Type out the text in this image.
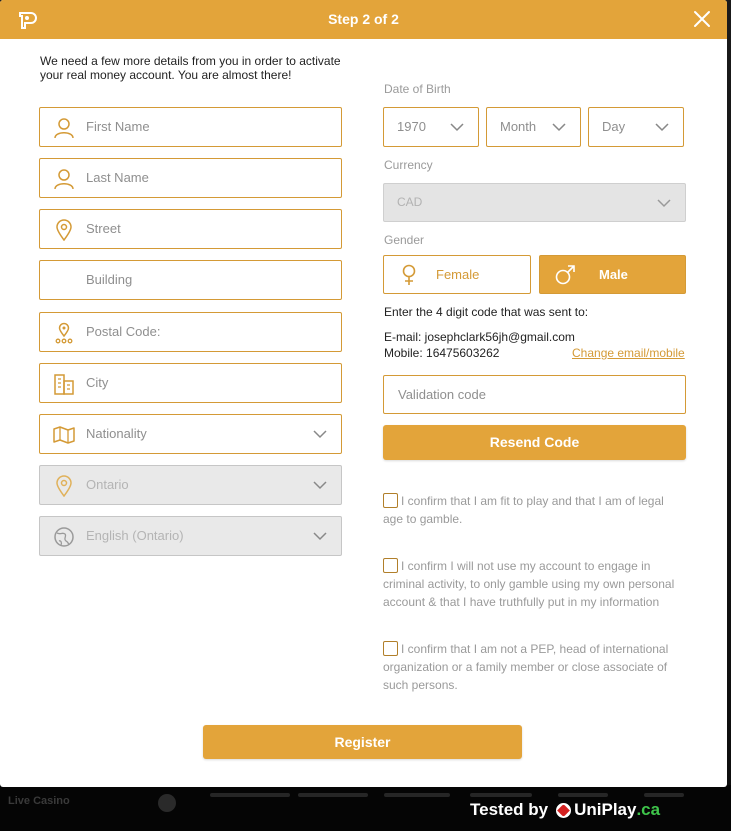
Live Casino	Tested by UniPlay .ca
Step 2 of 2

We need a few more details from you in order to activate your real money account. You are almost there!

First Name
Last Name
Street
Building
Postal Code:
City
Nationality
Ontario
English (Ontario)
Date of Birth
1970	Month	Day
Currency
CAD
Gender
Female	Male
Enter the 4 digit code that was sent to:
E-mail: josephclark56jh@gmail.com
Mobile: 16475603262	Change email/mobile
Validation code
Resend Code
I confirm that I am fit to play and that I am of legal age to gamble.
I confirm I will not use my account to engage in criminal activity, to only gamble using my own personal account & that I have truthfully put in my information
I confirm that I am not a PEP, head of international organization or a family member or close associate of such persons.
Register
